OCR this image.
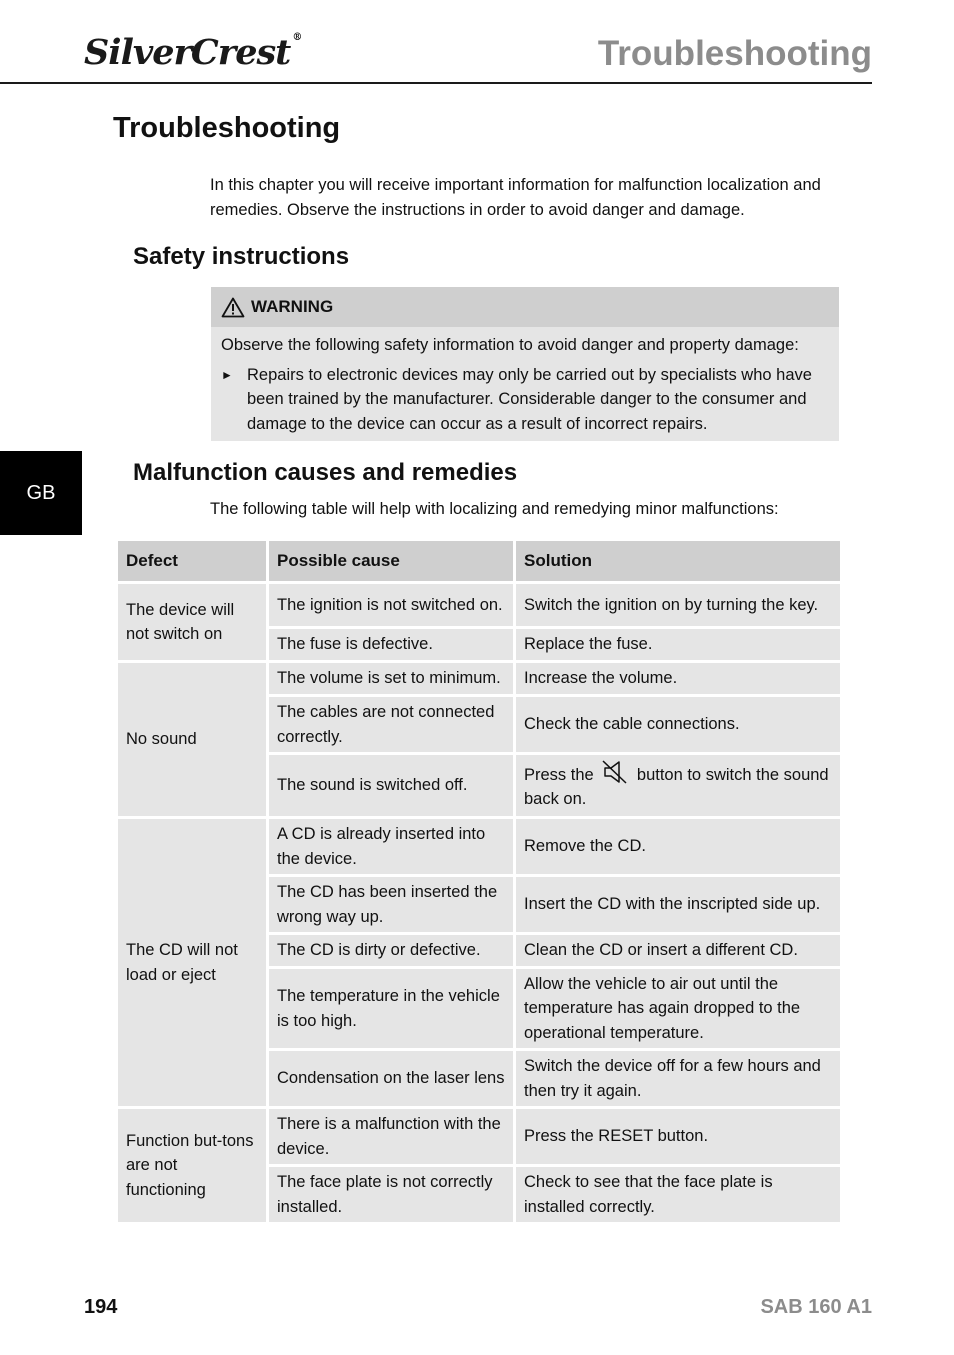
SilverCrest ®	Troubleshooting
Troubleshooting

In this chapter you will receive important information for malfunction localization and remedies. Observe the instructions in order to avoid danger and damage.

Safety instructions
WARNING
Observe the following safety information to avoid danger and property damage:
► Repairs to electronic devices may only be carried out by specialists who have been trained by the manufacturer. Considerable danger to the consumer and damage to the device can occur as a result of incorrect repairs.
GB
Malfunction causes and remedies

The following table will help with localizing and remedying minor malfunctions:

Defect	Possible cause	Solution
The device will not switch on	The ignition is not switched on.	Switch the ignition on by turning the key.
	The fuse is defective.	Replace the fuse.
No sound	The volume is set to minimum.	Increase the volume.
	The cables are not connected correctly.	Check the cable connections.
	The sound is switched off.	Press the button to switch the sound back on.
The CD will not load or eject	A CD is already inserted into the device.	Remove the CD.
	The CD has been inserted the wrong way up.	Insert the CD with the inscripted side up.
	The CD is dirty or defective.	Clean the CD or insert a different CD.
	The temperature in the vehicle is too high.	Allow the vehicle to air out until the temperature has again dropped to the operational temperature.
	Condensation on the laser lens	Switch the device off for a few hours and then try it again.
Function but-tons are not functioning	There is a malfunction with the device.	Press the RESET button.
	The face plate is not correctly installed.	Check to see that the face plate is installed correctly.
194	SAB 160 A1
